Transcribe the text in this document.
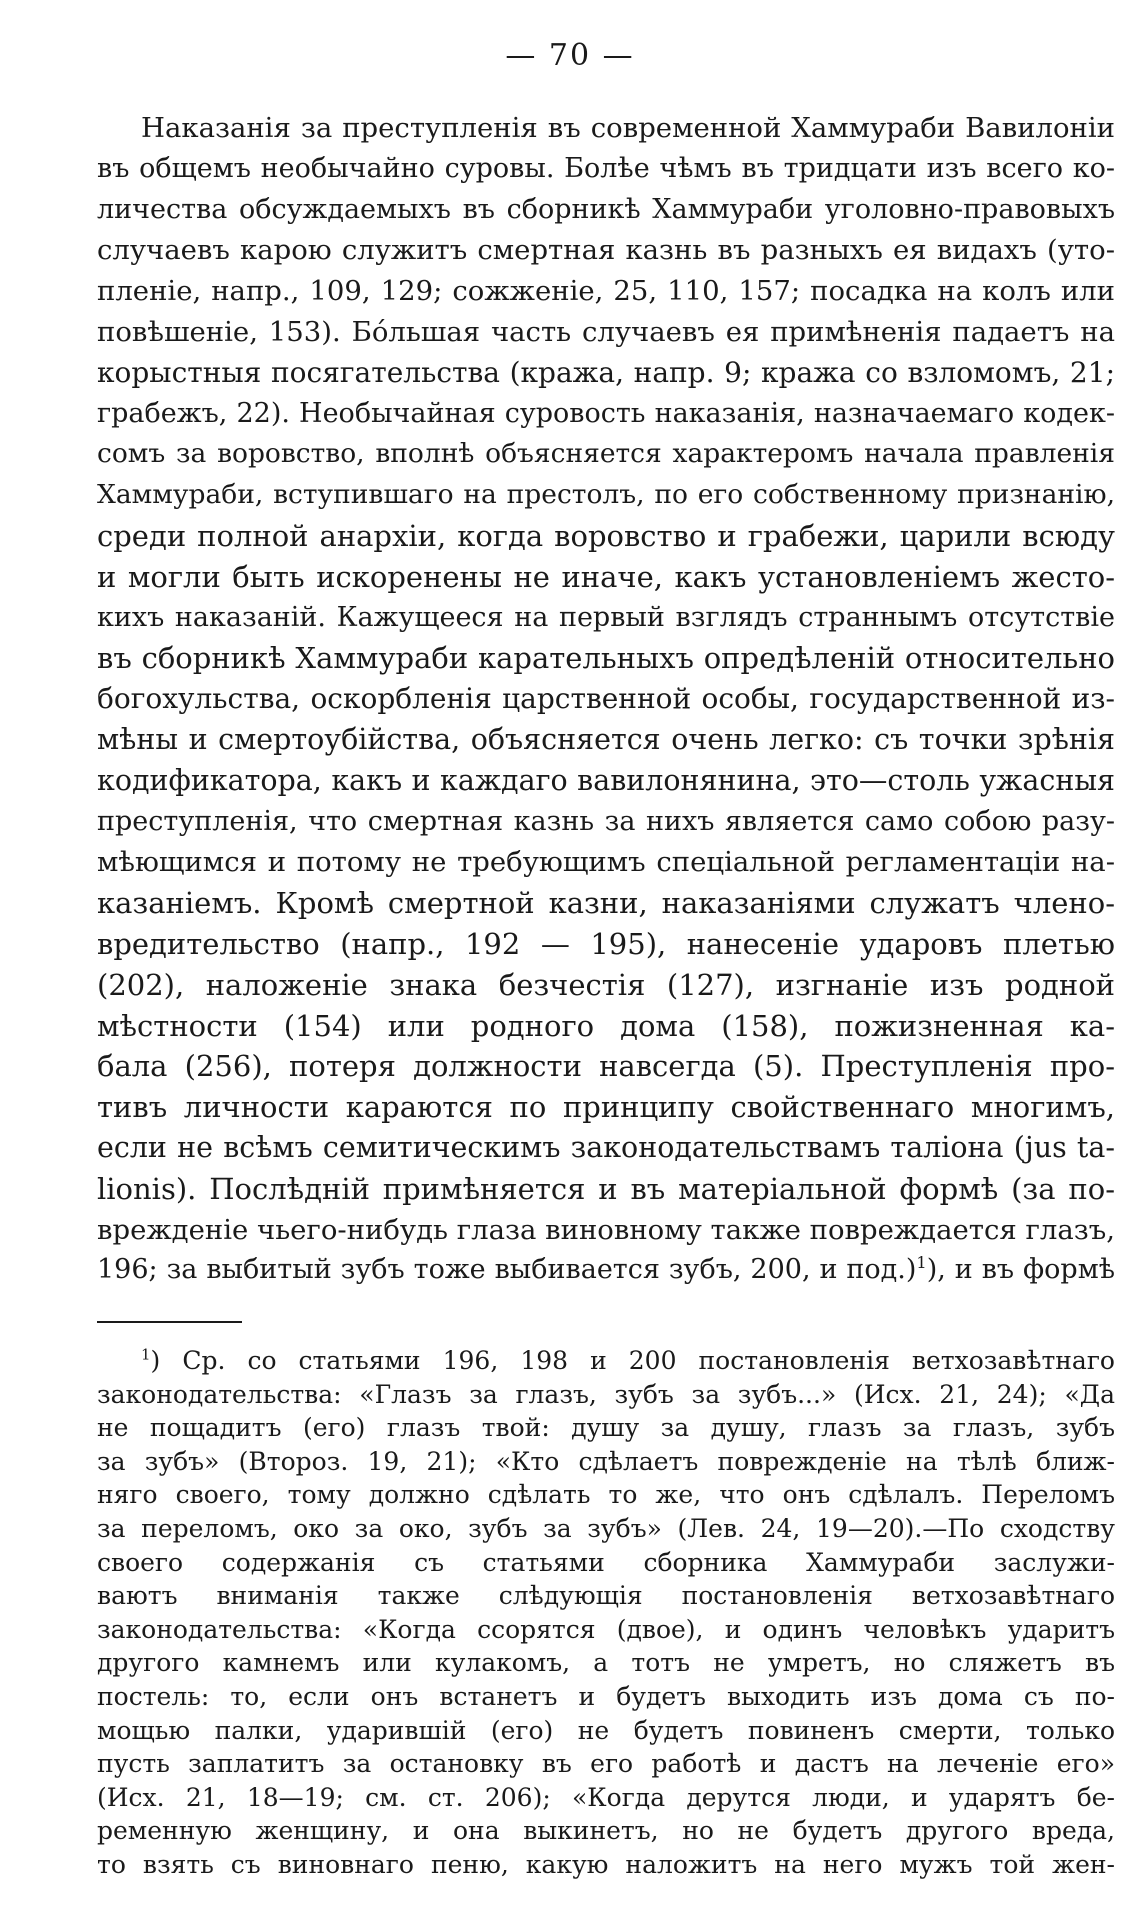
— 70 —
Наказанія за преступленія въ современной Хаммураби Вавилоніи
въ общемъ необычайно суровы. Болѣе чѣмъ въ тридцати изъ всего ко-
личества обсуждаемыхъ въ сборникѣ Хаммураби уголовно-правовыхъ
случаевъ карою служитъ смертная казнь въ разныхъ ея видахъ (уто-
пленіе, напр., 109, 129; сожженіе, 25, 110, 157; посадка на колъ или
повѣшеніе, 153). Бо́льшая часть случаевъ ея примѣненія падаетъ на
корыстныя посягательства (кража, напр. 9; кража со взломомъ, 21;
грабежъ, 22). Необычайная суровость наказанія, назначаемаго кодек-
сомъ за воровство, вполнѣ объясняется характеромъ начала правленія
Хаммураби, вступившаго на престолъ, по его собственному признанію,
среди полной анархіи, когда воровство и грабежи, царили всюду
и могли быть искоренены не иначе, какъ установленіемъ жесто-
кихъ наказаній. Кажущееся на первый взглядъ страннымъ отсутствіе
въ сборникѣ Хаммураби карательныхъ опредѣленій относительно
богохульства, оскорбленія царственной особы, государственной из-
мѣны и смертоубійства, объясняется очень легко: съ точки зрѣнія
кодификатора, какъ и каждаго вавилонянина, это—столь ужасныя
преступленія, что смертная казнь за нихъ является само собою разу-
мѣющимся и потому не требующимъ спеціальной регламентаціи на-
казаніемъ. Кромѣ смертной казни, наказаніями служатъ члено-
вредительство (напр., 192 — 195), нанесеніе ударовъ плетью
(202), наложеніе знака безчестія (127), изгнаніе изъ родной
мѣстности (154) или родного дома (158), пожизненная ка-
бала (256), потеря должности навсегда (5). Преступленія про-
тивъ личности караются по принципу свойственнаго многимъ,
если не всѣмъ семитическимъ законодательствамъ таліона (jus ta-
lionis). Послѣдній примѣняется и въ матеріальной формѣ (за по-
врежденіе чьего-нибудь глаза виновному также повреждается глазъ,
196; за выбитый зубъ тоже выбивается зубъ, 200, и под.)$^1$), и въ формѣ
$^1$) Ср. со статьями 196, 198 и 200 постановленія ветхозавѣтнаго
законодательства: «Глазъ за глазъ, зубъ за зубъ...» (Исх. 21, 24); «Да
не пощадитъ (его) глазъ твой: душу за душу, глазъ за глазъ, зубъ
за зубъ» (Второз. 19, 21); «Кто сдѣлаетъ поврежденіе на тѣлѣ ближ-
няго своего, тому должно сдѣлать то же, что онъ сдѣлалъ. Переломъ
за переломъ, око за око, зубъ за зубъ» (Лев. 24, 19—20).—По сходству
своего содержанія съ статьями сборника Хаммураби заслужи-
ваютъ вниманія также слѣдующія постановленія ветхозавѣтнаго
законодательства: «Когда ссорятся (двое), и одинъ человѣкъ ударитъ
другого камнемъ или кулакомъ, а тотъ не умретъ, но сляжетъ въ
постель: то, если онъ встанетъ и будетъ выходить изъ дома съ по-
мощью палки, ударившій (его) не будетъ повиненъ смерти, только
пусть заплатитъ за остановку въ его работѣ и дастъ на леченіе его»
(Исх. 21, 18—19; см. ст. 206); «Когда дерутся люди, и ударятъ бе-
ременную женщину, и она выкинетъ, но не будетъ другого вреда,
то взять съ виновнаго пеню, какую наложитъ на него мужъ той жен-
